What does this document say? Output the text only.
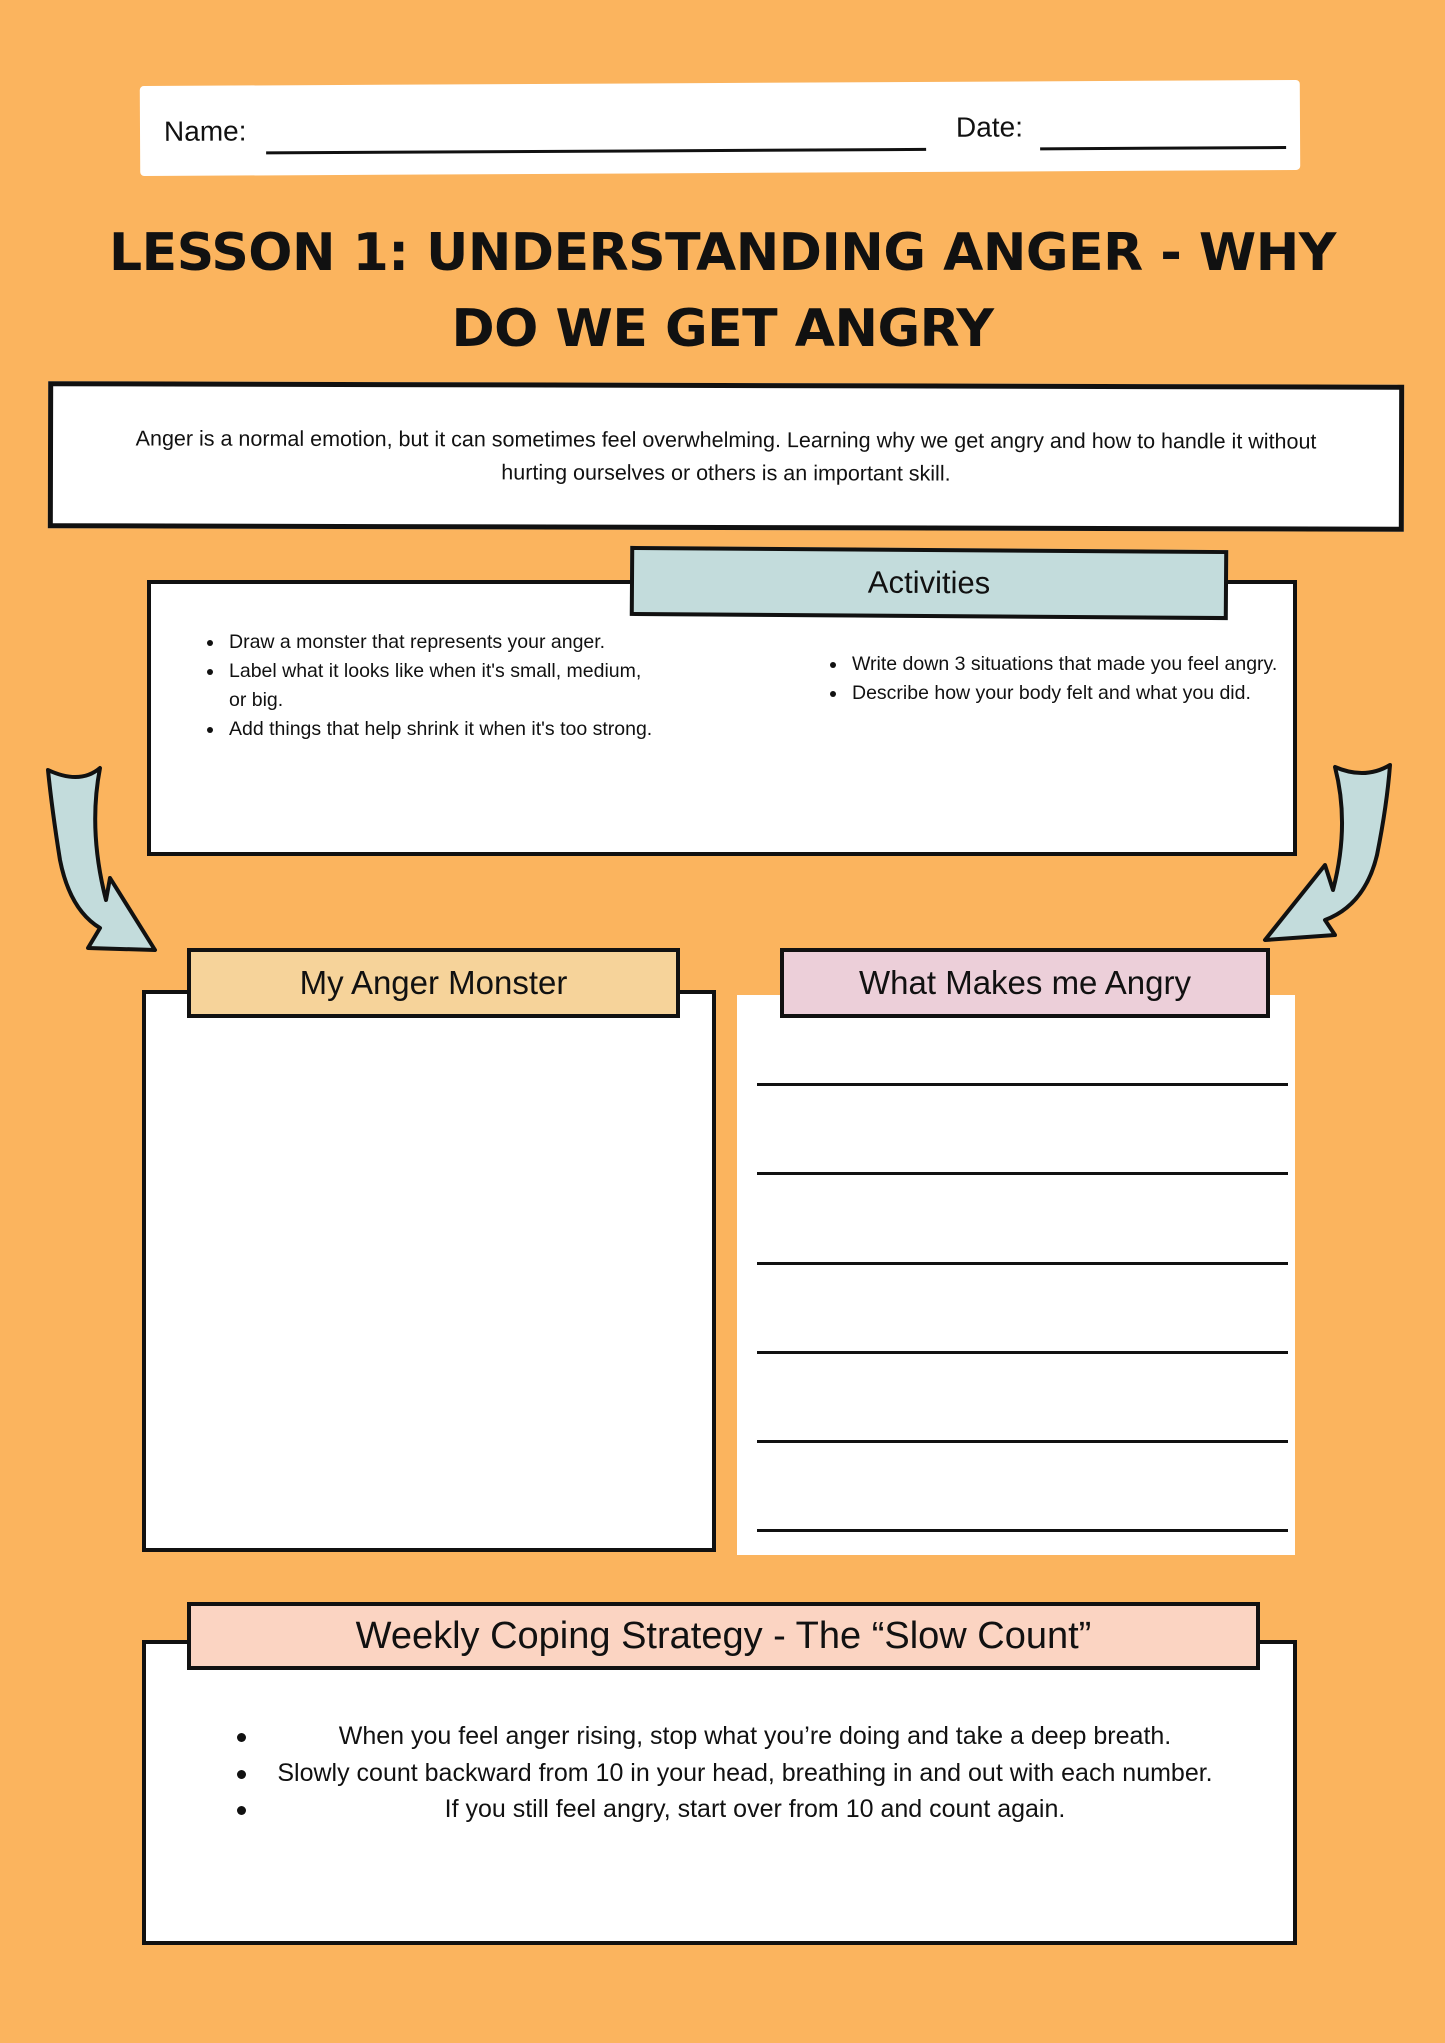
Name:	Date:
LESSON 1: UNDERSTANDING ANGER - WHY DO WE GET ANGRY
Anger is a normal emotion, but it can sometimes feel overwhelming. Learning why we get angry and how to handle it without hurting ourselves or others is an important skill.
Activities
• Draw a monster that represents your anger.
• Label what it looks like when it's small, medium, or big.
• Add things that help shrink it when it's too strong.
• Write down 3 situations that made you feel angry.
• Describe how your body felt and what you did.
My Anger Monster	What Makes me Angry
Weekly Coping Strategy - The “Slow Count”
When you feel anger rising, stop what you’re doing and take a deep breath.
Slowly count backward from 10 in your head, breathing in and out with each number.
If you still feel angry, start over from 10 and count again.
